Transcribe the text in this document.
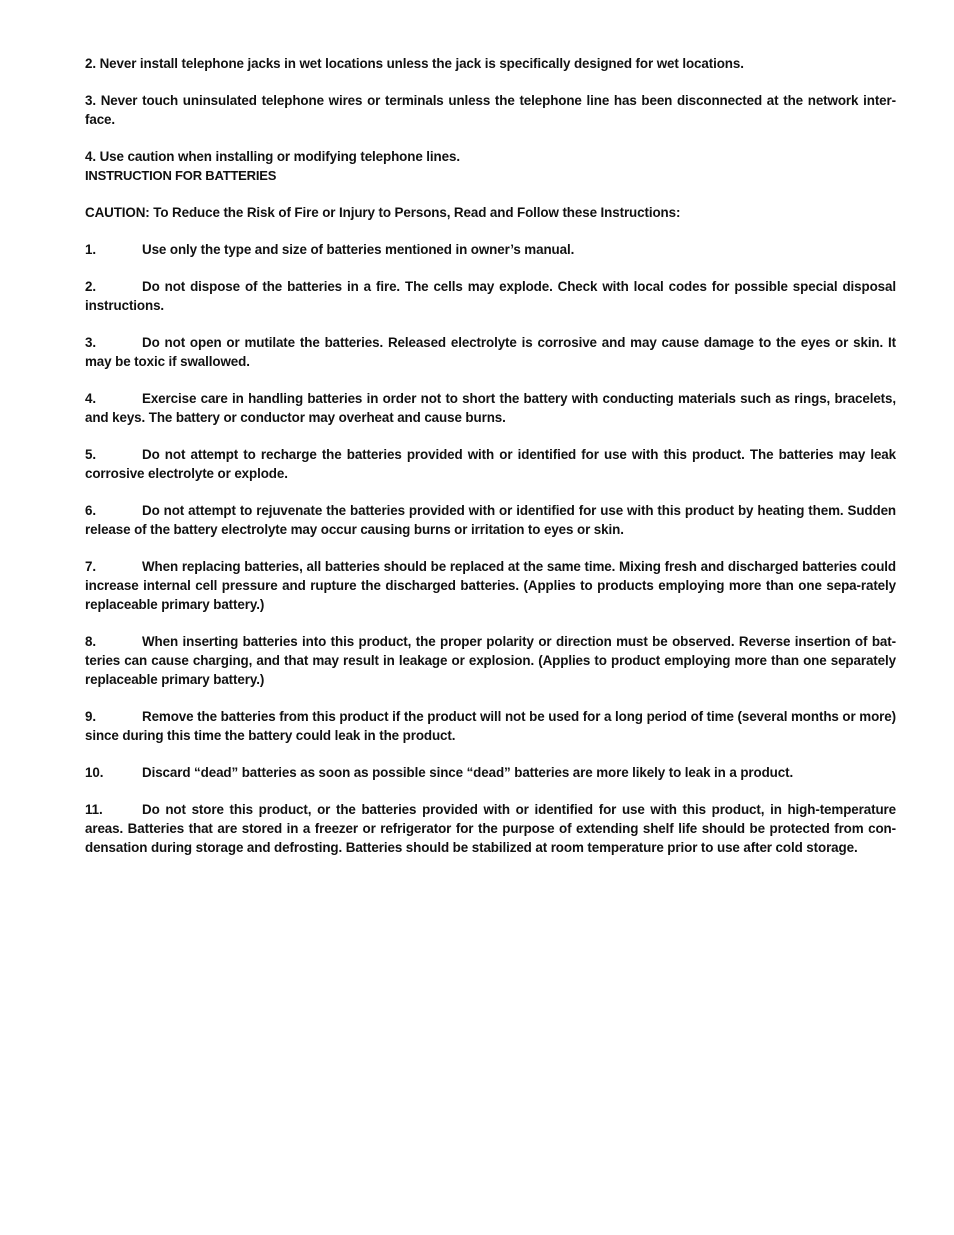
2. Never install telephone jacks in wet locations unless the jack is specifically designed for wet locations.

3. Never touch uninsulated telephone wires or terminals unless the telephone line has been disconnected at the network inter-face.

4. Use caution when installing or modifying telephone lines.

INSTRUCTION FOR BATTERIES

CAUTION: To Reduce the Risk of Fire or Injury to Persons, Read and Follow these Instructions:

1.	Use only the type and size of batteries mentioned in owner’s manual.

2.	Do not dispose of the batteries in a fire. The cells may explode. Check with local codes for possible special disposal instructions.

3.	Do not open or mutilate the batteries. Released electrolyte is corrosive and may cause damage to the eyes or skin. It may be toxic if swallowed.

4.	Exercise care in handling batteries in order not to short the battery with conducting materials such as rings, bracelets, and keys. The battery or conductor may overheat and cause burns.

5.	Do not attempt to recharge the batteries provided with or identified for use with this product. The batteries may leak corrosive electrolyte or explode.

6.	Do not attempt to rejuvenate the batteries provided with or identified for use with this product by heating them. Sudden release of the battery electrolyte may occur causing burns or irritation to eyes or skin.

7.	When replacing batteries, all batteries should be replaced at the same time. Mixing fresh and discharged batteries could increase internal cell pressure and rupture the discharged batteries. (Applies to products employing more than one sepa-rately replaceable primary battery.)

8.	When inserting batteries into this product, the proper polarity or direction must be observed. Reverse insertion of bat-teries can cause charging, and that may result in leakage or explosion. (Applies to product employing more than one separately replaceable primary battery.)

9.	Remove the batteries from this product if the product will not be used for a long period of time (several months or more) since during this time the battery could leak in the product.

10.	Discard “dead” batteries as soon as possible since “dead” batteries are more likely to leak in a product.

11.	Do not store this product, or the batteries provided with or identified for use with this product, in high-temperature areas. Batteries that are stored in a freezer or refrigerator for the purpose of extending shelf life should be protected from con-densation during storage and defrosting. Batteries should be stabilized at room temperature prior to use after cold storage.
